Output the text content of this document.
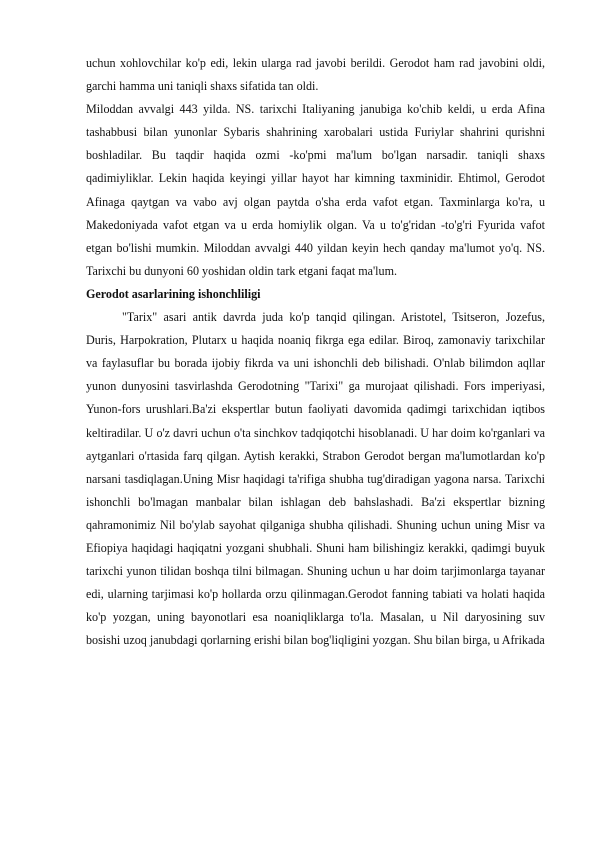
uchun xohlovchilar ko'p edi, lekin ularga rad javobi berildi. Gerodot ham rad javobini oldi, garchi hamma uni taniqli shaxs sifatida tan oldi.

Miloddan avvalgi 443 yilda. NS. tarixchi Italiyaning janubiga ko'chib keldi, u erda Afina tashabbusi bilan yunonlar Sybaris shahrining xarobalari ustida Furiylar shahrini qurishni boshladilar. Bu taqdir haqida ozmi -ko'pmi ma'lum bo'lgan narsadir. taniqli shaxs qadimiyliklar. Lekin haqida keyingi yillar hayot har kimning taxminidir. Ehtimol, Gerodot Afinaga qaytgan va vabo avj olgan paytda o'sha erda vafot etgan. Taxminlarga ko'ra, u Makedoniyada vafot etgan va u erda homiylik olgan. Va u to'g'ridan -to'g'ri Fyurida vafot etgan bo'lishi mumkin. Miloddan avvalgi 440 yildan keyin hech qanday ma'lumot yo'q. NS. Tarixchi bu dunyoni 60 yoshidan oldin tark etgani faqat ma'lum.

Gerodot asarlarining ishonchliligi

"Tarix" asari antik davrda juda ko'p tanqid qilingan. Aristotel, Tsitseron, Jozefus, Duris, Harpokration, Plutarx u haqida noaniq fikrga ega edilar. Biroq, zamonaviy tarixchilar va faylasuflar bu borada ijobiy fikrda va uni ishonchli deb bilishadi. O'nlab bilimdon aqllar yunon dunyosini tasvirlashda Gerodotning "Tarixi" ga murojaat qilishadi. Fors imperiyasi, Yunon-fors urushlari.Ba'zi ekspertlar butun faoliyati davomida qadimgi tarixchidan iqtibos keltiradilar. U o'z davri uchun o'ta sinchkov tadqiqotchi hisoblanadi. U har doim ko'rganlari va aytganlari o'rtasida farq qilgan. Aytish kerakki, Strabon Gerodot bergan ma'lumotlardan ko'p narsani tasdiqlagan.Uning Misr haqidagi ta'rifiga shubha tug'diradigan yagona narsa. Tarixchi ishonchli bo'lmagan manbalar bilan ishlagan deb bahslashadi. Ba'zi ekspertlar bizning qahramonimiz Nil bo'ylab sayohat qilganiga shubha qilishadi. Shuning uchun uning Misr va Efiopiya haqidagi haqiqatni yozgani shubhali. Shuni ham bilishingiz kerakki, qadimgi buyuk tarixchi yunon tilidan boshqa tilni bilmagan. Shuning uchun u har doim tarjimonlarga tayanar edi, ularning tarjimasi ko'p hollarda orzu qilinmagan.Gerodot fanning tabiati va holati haqida ko'p yozgan, uning bayonotlari esa noaniqliklarga to'la. Masalan, u Nil daryosining suv bosishi uzoq janubdagi qorlarning erishi bilan bog'liqligini yozgan. Shu bilan birga, u Afrikada
